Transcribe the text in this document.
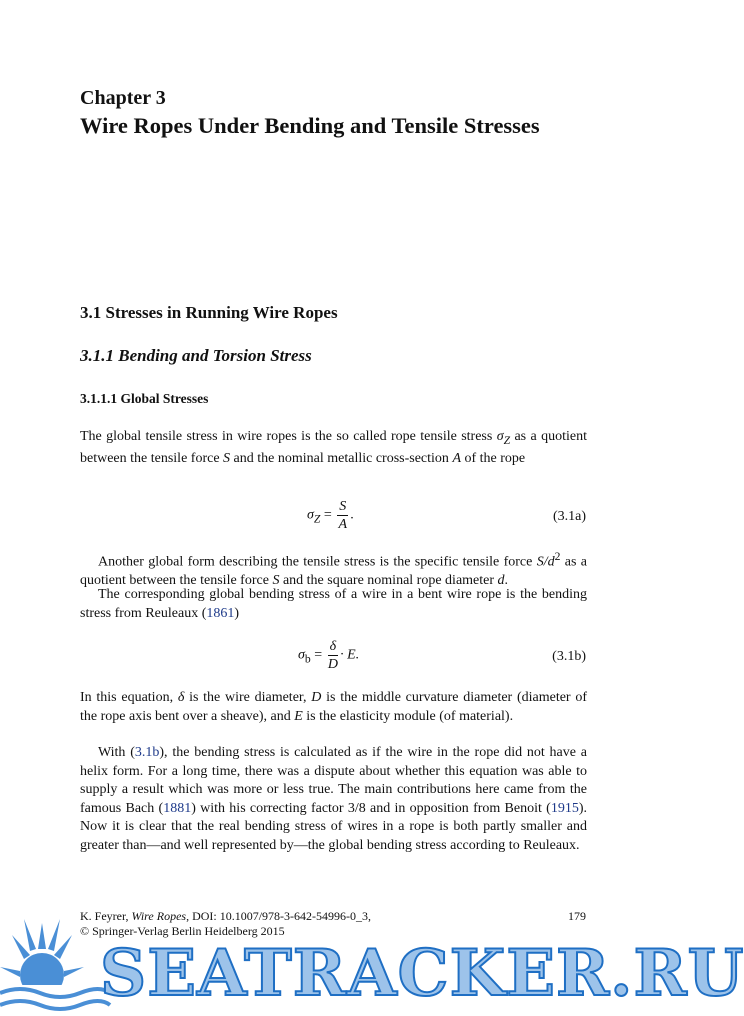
Chapter 3
Wire Ropes Under Bending and Tensile Stresses
3.1 Stresses in Running Wire Ropes
3.1.1 Bending and Torsion Stress
3.1.1.1 Global Stresses
The global tensile stress in wire ropes is the so called rope tensile stress $\sigma_Z$ as a quotient between the tensile force S and the nominal metallic cross-section A of the rope
$\sigma_Z = \frac{S}{A}$ .	(3.1a)
Another global form describing the tensile stress is the specific tensile force $S/d^2$ as a quotient between the tensile force S and the square nominal rope diameter d.
The corresponding global bending stress of a wire in a bent wire rope is the bending stress from Reuleaux (1861)
$\sigma_b = \frac{\delta}{D} \cdot E$.	(3.1b)
In this equation, δ is the wire diameter, D is the middle curvature diameter (diameter of the rope axis bent over a sheave), and E is the elasticity module (of material).
With (3.1b), the bending stress is calculated as if the wire in the rope did not have a helix form. For a long time, there was a dispute about whether this equation was able to supply a result which was more or less true. The main contributions here came from the famous Bach (1881) with his correcting factor 3/8 and in opposition from Benoit (1915). Now it is clear that the real bending stress of wires in a rope is both partly smaller and greater than—and well represented by—the global bending stress according to Reuleaux.
K. Feyrer, Wire Ropes, DOI: 10.1007/978-3-642-54996-0_3,
© Springer-Verlag Berlin Heidelberg 2015
179
SEATRACKER.RU
